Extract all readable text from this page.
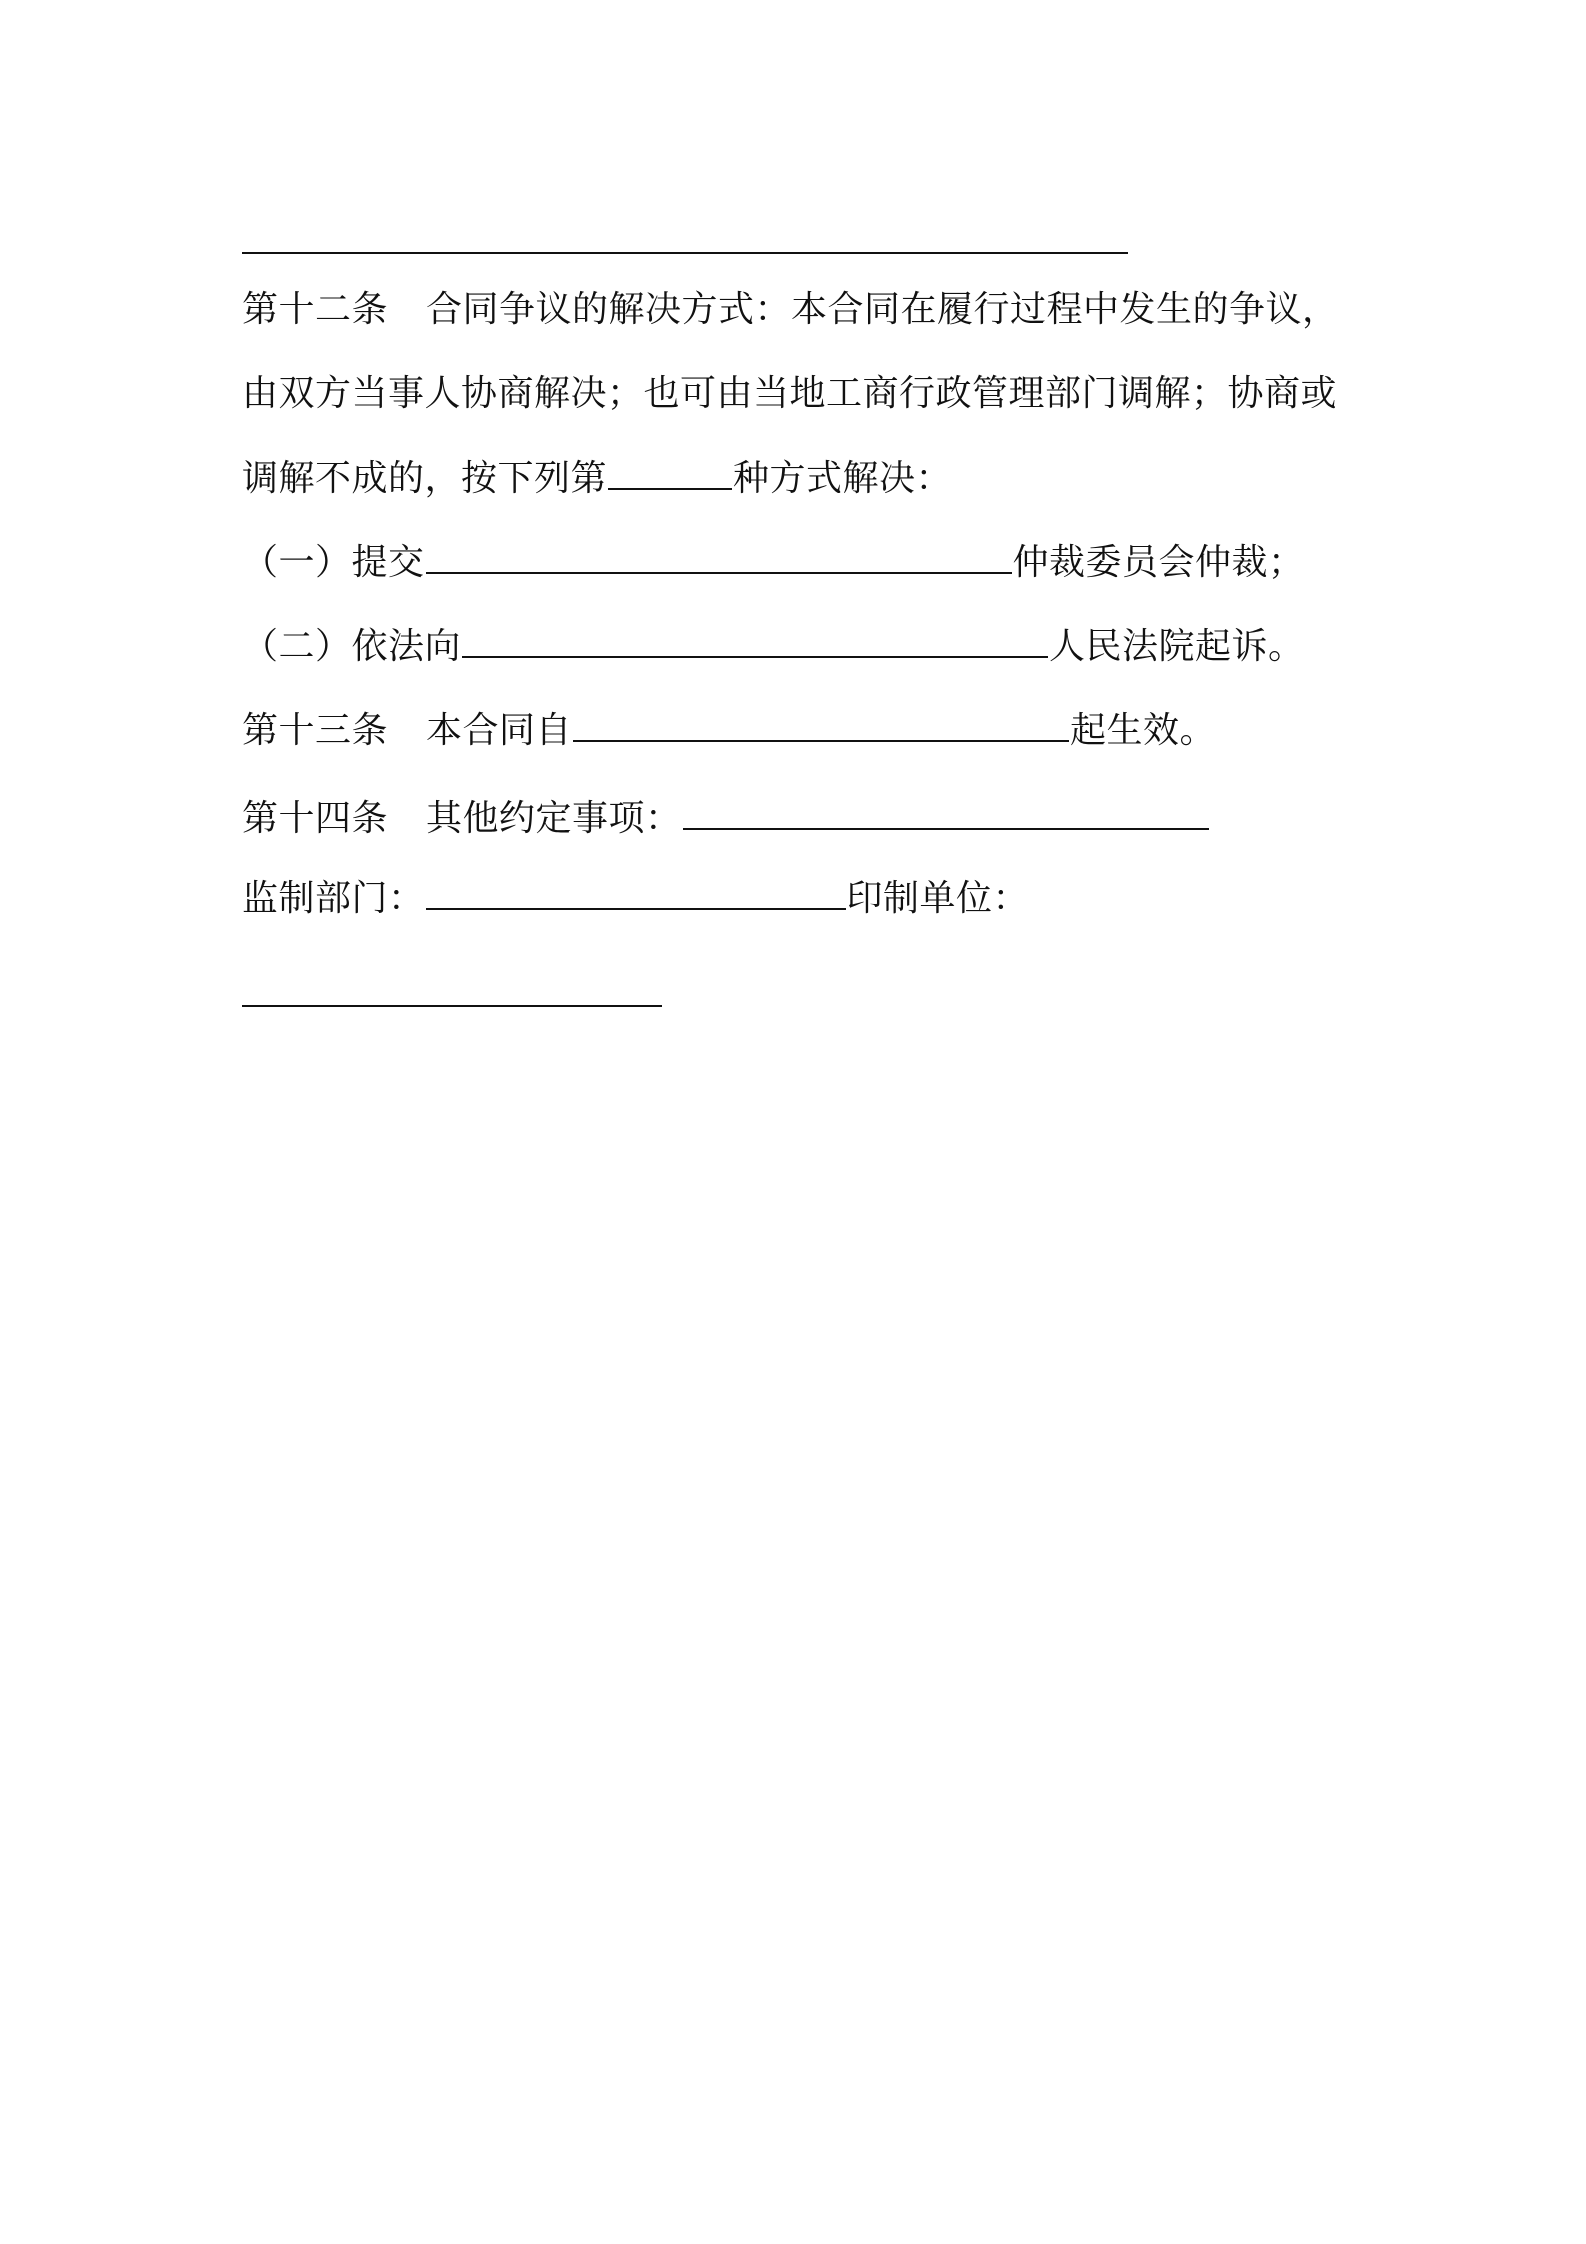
第十二条 合同争议的解决方式：本合同在履行过程中发生的争议，
由双方当事人协商解决；也可由当地工商行政管理部门调解；协商或
调解不成的，按下列第	种方式解决：
（一）提交	仲裁委员会仲裁；
（二）依法向	人民法院起诉。
第十三条 本合同自	起生效。
第十四条 其他约定事项：
监制部门：	印制单位：
